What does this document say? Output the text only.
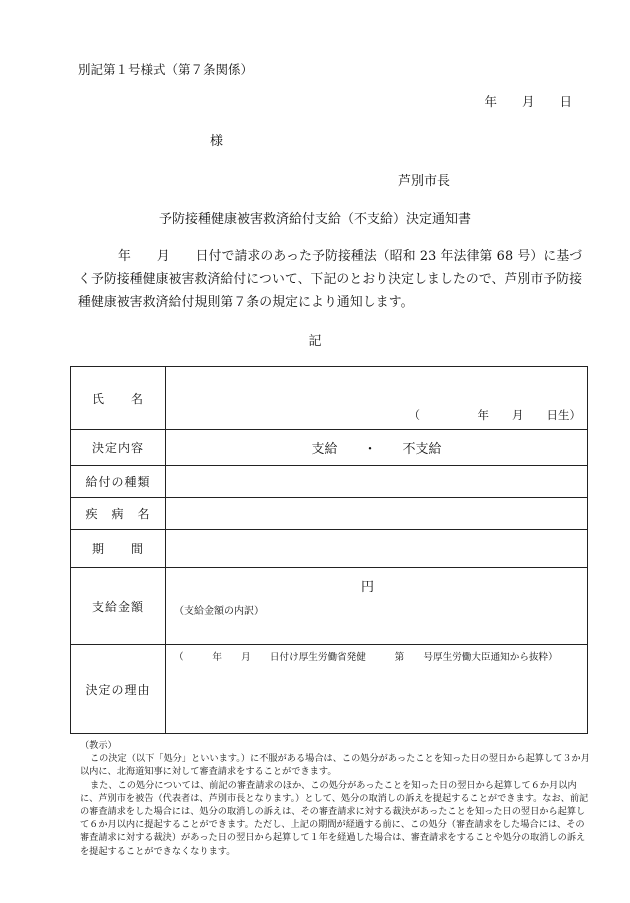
別記第１号様式（第７条関係）
年　　月　　日
様
芦別市長
予防接種健康被害救済給付支給（不支給）決定通知書
年　　月　　日付で請求のあった予防接種法（昭和 23 年法律第 68 号）に基づく予防接種健康被害救済給付について、下記のとおり決定しましたので、芦別市予防接種健康被害救済給付規則第７条の規定により通知します。
記
氏　　名	（　　　　　年　　月　　日生）

決定内容	支給　　・　　不支給
給付の種類	
疾　病　名	
期　　間	
支給金額	円
（支給金額の内訳）

決定の理由	（　　　年　　月　　日付け厚生労働省発健　　　第　　号厚生労働大臣通知から抜粋）

（教示）

この決定（以下「処分」といいます。）に不服がある場合は、この処分があったことを知った日の翌日から起算して３か月以内に、北海道知事に対して審査請求をすることができます。

また、この処分については、前記の審査請求のほか、この処分があったことを知った日の翌日から起算して６か月以内に、芦別市を被告（代表者は、芦別市長となります。）として、処分の取消しの訴えを提起することができます。なお、前記の審査請求をした場合には、処分の取消しの訴えは、その審査請求に対する裁決があったことを知った日の翌日から起算して６か月以内に提起することができます。ただし、上記の期間が経過する前に、この処分（審査請求をした場合には、その審査請求に対する裁決）があった日の翌日から起算して１年を経過した場合は、審査請求をすることや処分の取消しの訴えを提起することができなくなります。
